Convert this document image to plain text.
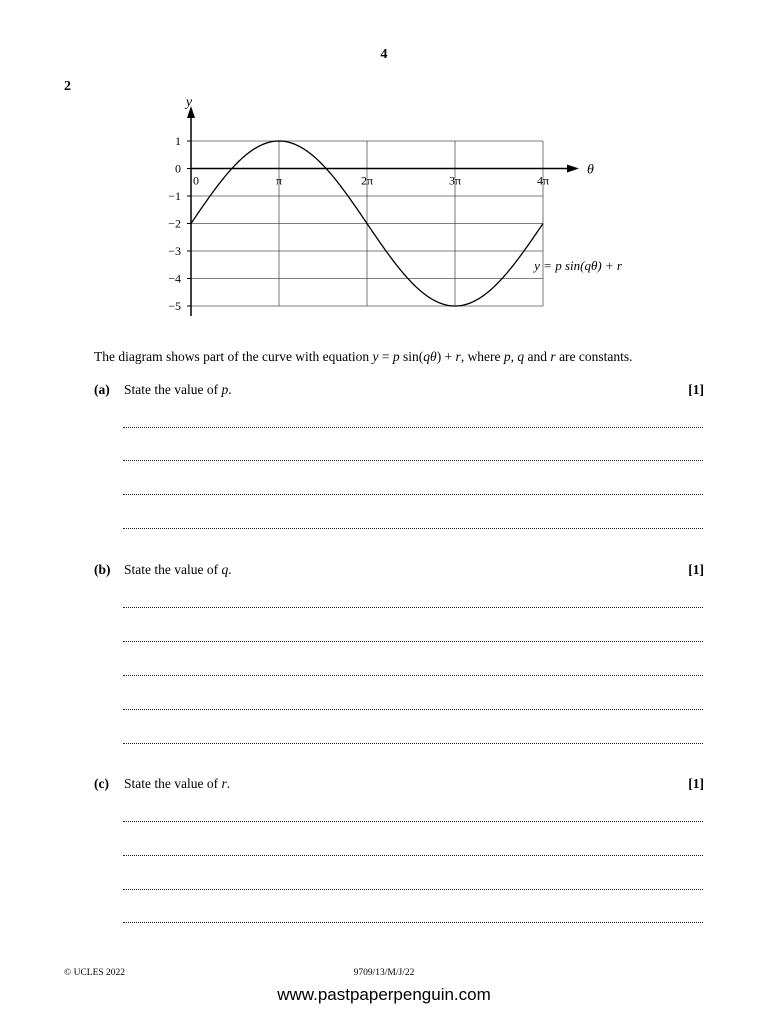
4
2
1
0
−1
−2
−3
−4
−5
0	π	2π	3π	4π
y
θ
y = p sin(qθ) + r
The diagram shows part of the curve with equation y = p sin(qθ) + r, where p, q and r are constants.
(a) State the value of p.	[1]
(b) State the value of q.	[1]
(c) State the value of r.	[1]
© UCLES 2022	9709/13/M/J/22
www.pastpaperpenguin.com
